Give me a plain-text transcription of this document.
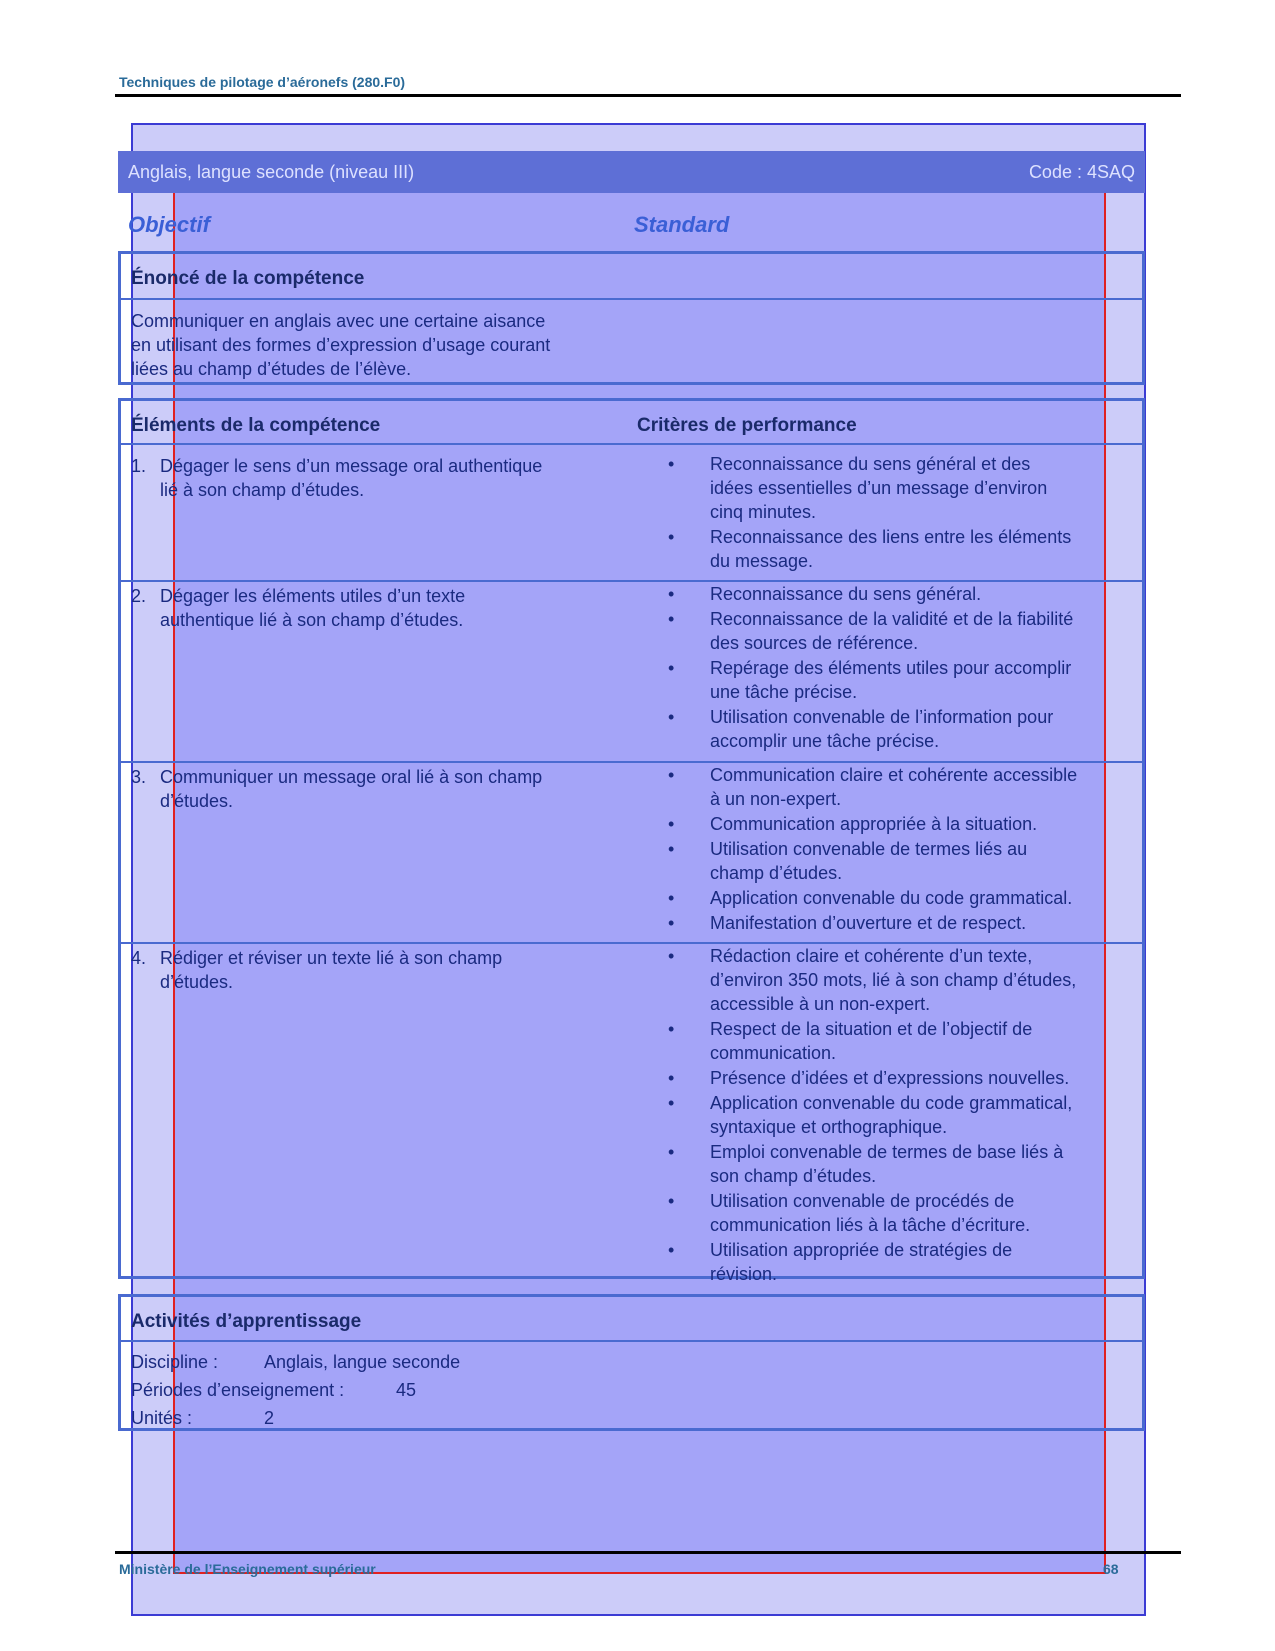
Techniques de pilotage d’aéronefs (280.F0)
Anglais, langue seconde (niveau III)	Code : 4SAQ
Objectif	Standard
Énoncé de la compétence
Communiquer en anglais avec une certaine aisance
en utilisant des formes d’expression d’usage courant
liées au champ d’études de l’élève.
Éléments de la compétence	Critères de performance
1. Dégager le sens d’un message oral authentique
lié à son champ d’études.
•	Reconnaissance du sens général et des
idées essentielles d’un message d’environ
cinq minutes.
•	Reconnaissance des liens entre les éléments
du message.
2. Dégager les éléments utiles d’un texte
authentique lié à son champ d’études.
•	Reconnaissance du sens général.
•	Reconnaissance de la validité et de la fiabilité
des sources de référence.
•	Repérage des éléments utiles pour accomplir
une tâche précise.
•	Utilisation convenable de l’information pour
accomplir une tâche précise.
3. Communiquer un message oral lié à son champ
d’études.
•	Communication claire et cohérente accessible
à un non-expert.
•	Communication appropriée à la situation.
•	Utilisation convenable de termes liés au
champ d’études.
•	Application convenable du code grammatical.
•	Manifestation d’ouverture et de respect.
4. Rédiger et réviser un texte lié à son champ
d’études.
•	Rédaction claire et cohérente d’un texte,
d’environ 350 mots, lié à son champ d’études,
accessible à un non-expert.
•	Respect de la situation et de l’objectif de
communication.
•	Présence d’idées et d’expressions nouvelles.
•	Application convenable du code grammatical,
syntaxique et orthographique.
•	Emploi convenable de termes de base liés à
son champ d’études.
•	Utilisation convenable de procédés de
communication liés à la tâche d’écriture.
•	Utilisation appropriée de stratégies de
révision.
Activités d’apprentissage
Discipline :	Anglais, langue seconde
Périodes d’enseignement :	45
Unités :	2
Ministère de l’Enseignement supérieur	68
